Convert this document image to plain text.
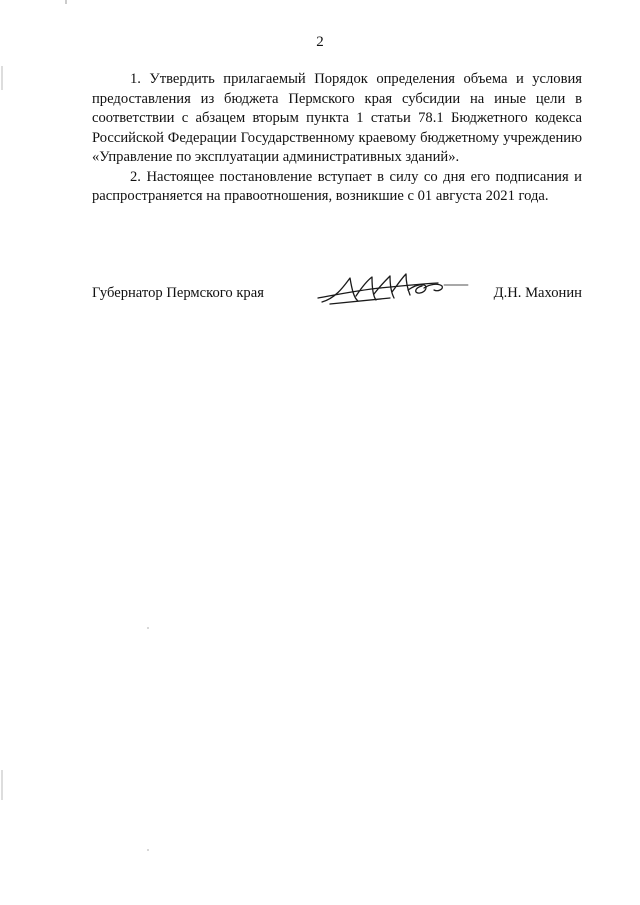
2

1. Утвердить прилагаемый Порядок определения объема и условия предоставления из бюджета Пермского края субсидии на иные цели в соответствии с абзацем вторым пункта 1 статьи 78.1 Бюджетного кодекса Российской Федерации Государственному краевому бюджетному учреждению «Управление по эксплуатации административных зданий».

2. Настоящее постановление вступает в силу со дня его подписания и распространяется на правоотношения, возникшие с 01 августа 2021 года.

Губернатор Пермского края	Д.Н. Махонин
